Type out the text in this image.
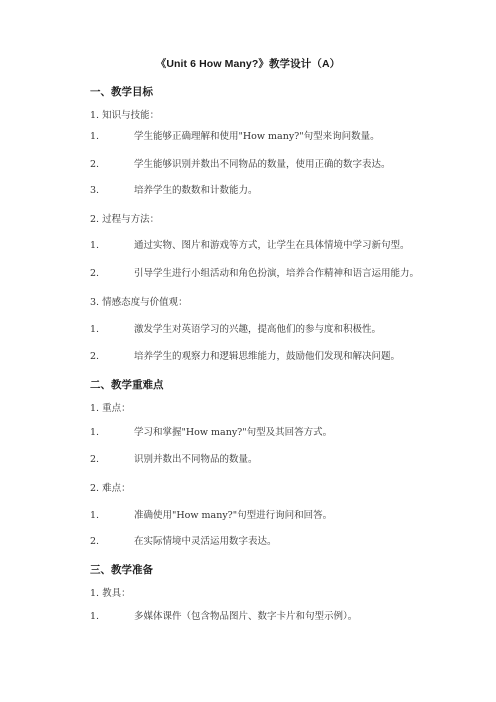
《Unit 6 How Many?》教学设计（A）
一、教学目标
1. 知识与技能：
1.	学生能够正确理解和使用"How many?"句型来询问数量。
2.	学生能够识别并数出不同物品的数量，使用正确的数字表达。
3.	培养学生的数数和计数能力。
2. 过程与方法：
1.	通过实物、图片和游戏等方式，让学生在具体情境中学习新句型。
2.	引导学生进行小组活动和角色扮演，培养合作精神和语言运用能力。
3. 情感态度与价值观：
1.	激发学生对英语学习的兴趣，提高他们的参与度和积极性。
2.	培养学生的观察力和逻辑思维能力，鼓励他们发现和解决问题。
二、教学重难点
1. 重点：
1.	学习和掌握"How many?"句型及其回答方式。
2.	识别并数出不同物品的数量。
2. 难点：
1.	准确使用"How many?"句型进行询问和回答。
2.	在实际情境中灵活运用数字表达。
三、教学准备
1. 教具：
1.	多媒体课件（包含物品图片、数字卡片和句型示例）。
